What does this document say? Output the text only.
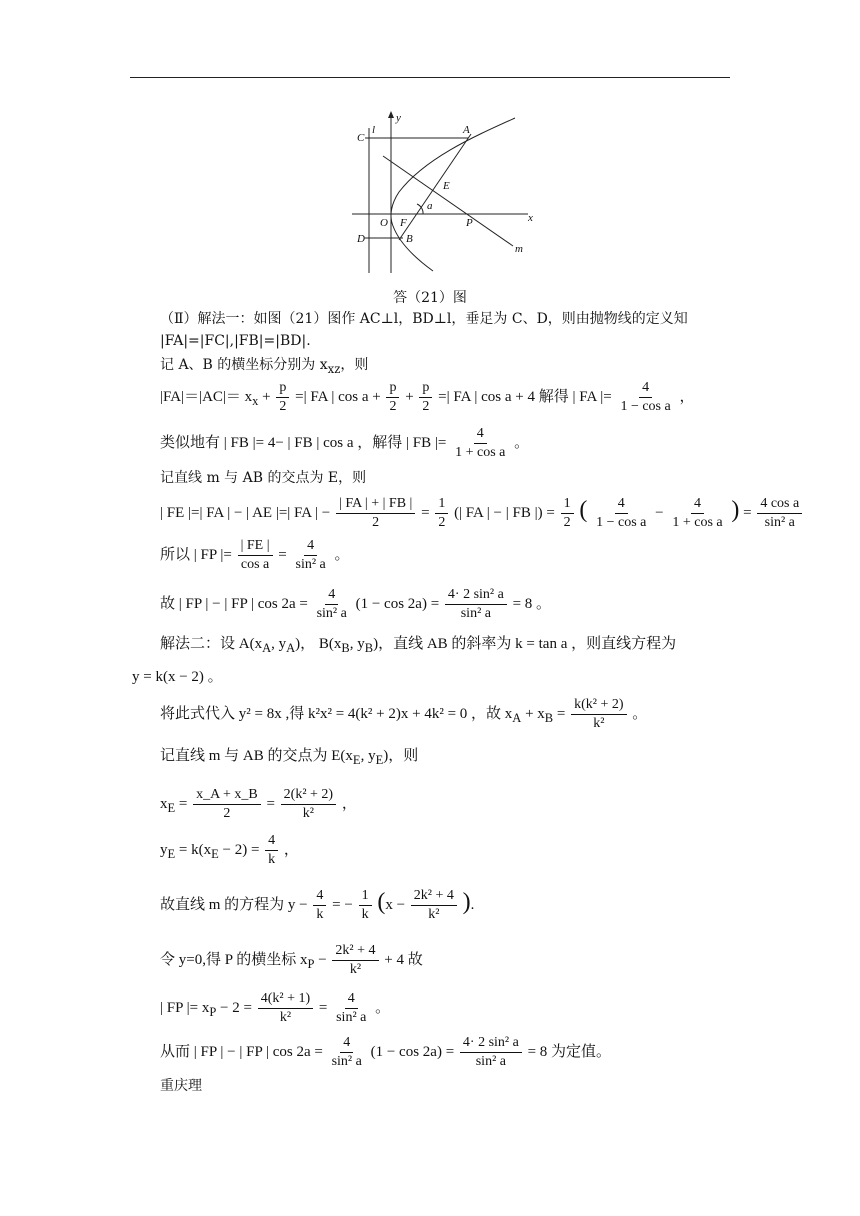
C
l
y
A
E
a
O F	P	x
D	B
m
答（21）图
（Ⅱ）解法一：如图（21）图作 AC⊥l，BD⊥l，垂足为 C、D，则由抛物线的定义知
|FA|=|FC|,|FB|=|BD|.
记 A、B 的横坐标分别为 $x_{xz}$，则
$|FA|=|AC|= x_x + \frac{p}{2}$ =| FA | $\cos a + \frac{p}{2} + \frac{p}{2}$ =| FA | cos a + 4 解得 | FA |= $\frac{4}{\text{1 − cos a}}$ ，
类似地有 | FB |= 4− | FB | cos a ，解得 | FB |= $\frac{4}{\text{1 + cos a}}$ 。
记直线 m 与 AB 的交点为 E，则
| FE |=| FA | − | AE |=| FA | − $\frac{| FA | + | FB |}{2} = \frac{1}{2}$ (| FA | − | FB |) = $\frac{1}{2}$ ( $\frac{4}{\text{1 − cos a}} - \frac{4}{\text{1 + cos a}}$ ) = $\frac{\text{4 cos a}}{\text{sin² a}}$
所以 | FP |= $\frac{| FE |}{\text{cos a}} = \frac{4}{\text{sin² a}}$ 。
故 | FP | − | FP | $\cos 2a = \frac{4}{\text{sin² a}} (1 - \cos 2a) = \frac{\text{4· 2 sin² a}}{\text{sin² a}} = 8$ 。
解法二：设 $A(x_A$, $y_A$)， $B(x_B$, $y_B$)，直线 AB 的斜率为 k = tan a ，则直线方程为
y = k(x − 2) 。
将此式代入 y² = 8x ,得 k²x² = 4(k² + 2)x + 4k² = 0 ，故 $x_A + x_B = \frac{\text{k(k² + 2)}}{\text{k²}}$ 。
记直线 m 与 AB 的交点为 $E(x_E$, $y_E$)，则
$x_E = \frac{x\_A + x\_B}{2} = \frac{\text{2(k² + 2)}}{\text{k²}}$ ，
$y_E = k(x_E - 2) = \frac{4}{k}$ ，
故直线 m 的方程为 $y - \frac{4}{k}$ = − $\frac{1}{k} (x - \frac{\text{2k² + 4}}{\text{k²}}$ ).
令 y=0,得 P 的横坐标 $x_P - \frac{\text{2k² + 4}}{\text{k²}} + 4$ 故
| FP |= $x_P - 2 = \frac{\text{4(k² + 1)}}{\text{k²}} = \frac{4}{\text{sin² a}}$ 。
从而 | FP | − | FP | $\cos 2a = \frac{4}{\text{sin² a}} (1 - \cos 2a) = \frac{\text{4· 2 sin² a}}{\text{sin² a}} = 8$ 为定值。
重庆理
